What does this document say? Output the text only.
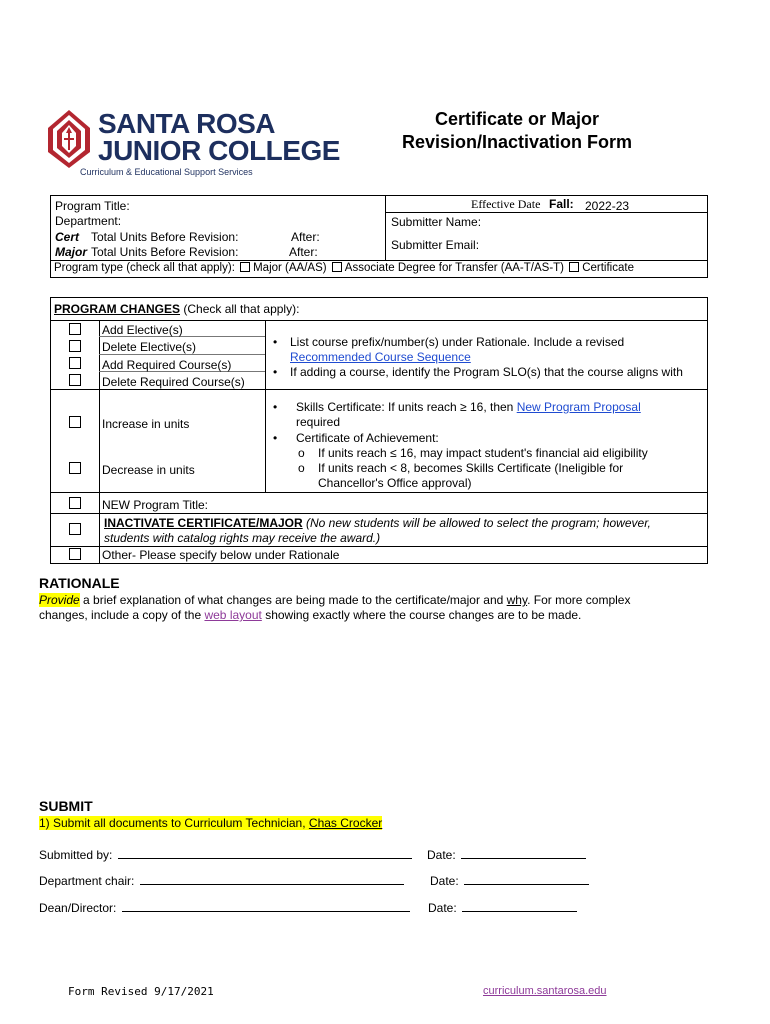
SANTA ROSA
JUNIOR COLLEGE
Curriculum & Educational Support Services
Certificate or Major
Revision/Inactivation Form
Program Title:
Department:
Cert Total Units Before Revision:	After:
Major Total Units Before Revision:	After:
Effective Date Fall: 2022-23
Submitter Name:
Submitter Email:
Program type (check all that apply): Major (AA/AS) Associate Degree for Transfer (AA-T/AS-T) Certificate
PROGRAM CHANGES (Check all that apply):
Add Elective(s)
Delete Elective(s)
Add Required Course(s)
Delete Required Course(s)
• List course prefix/number(s) under Rationale. Include a revised
Recommended Course Sequence
• If adding a course, identify the Program SLO(s) that the course aligns with
Increase in units
Decrease in units
• Skills Certificate: If units reach ≥ 16, then New Program Proposal
required
• Certificate of Achievement:
o If units reach ≤ 16, may impact student's financial aid eligibility
o If units reach < 8, becomes Skills Certificate (Ineligible for
Chancellor's Office approval)
NEW Program Title:
INACTIVATE CERTIFICATE/MAJOR (No new students will be allowed to select the program; however,
students with catalog rights may receive the award.)
Other- Please specify below under Rationale
RATIONALE
Provide a brief explanation of what changes are being made to the certificate/major and why. For more complex
changes, include a copy of the web layout showing exactly where the course changes are to be made.
SUBMIT
1) Submit all documents to Curriculum Technician, Chas Crocker
Submitted by:	Date:
Department chair:	Date:
Dean/Director:	Date:
Form Revised 9/17/2021	curriculum.santarosa.edu
